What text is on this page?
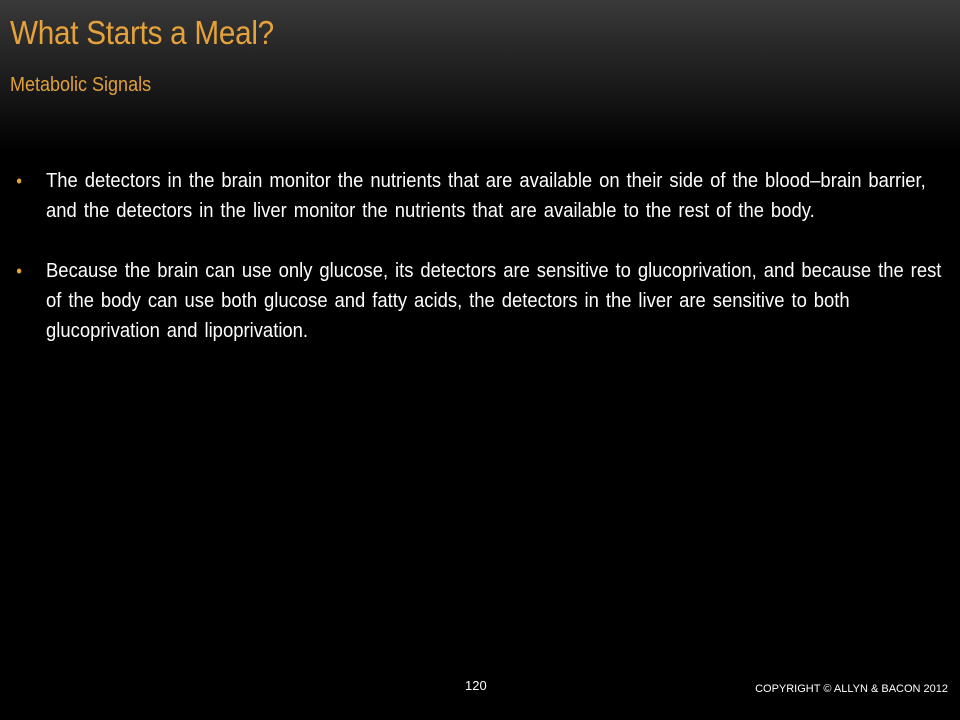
What Starts a Meal?
Metabolic Signals
• The detectors in the brain monitor the nutrients that are available on their side of the blood–brain barrier, and the detectors in the liver monitor the nutrients that are available to the rest of the body.
• Because the brain can use only glucose, its detectors are sensitive to glucoprivation, and because the rest of the body can use both glucose and fatty acids, the detectors in the liver are sensitive to both glucoprivation and lipoprivation.
120	COPYRIGHT © ALLYN & BACON 2012
